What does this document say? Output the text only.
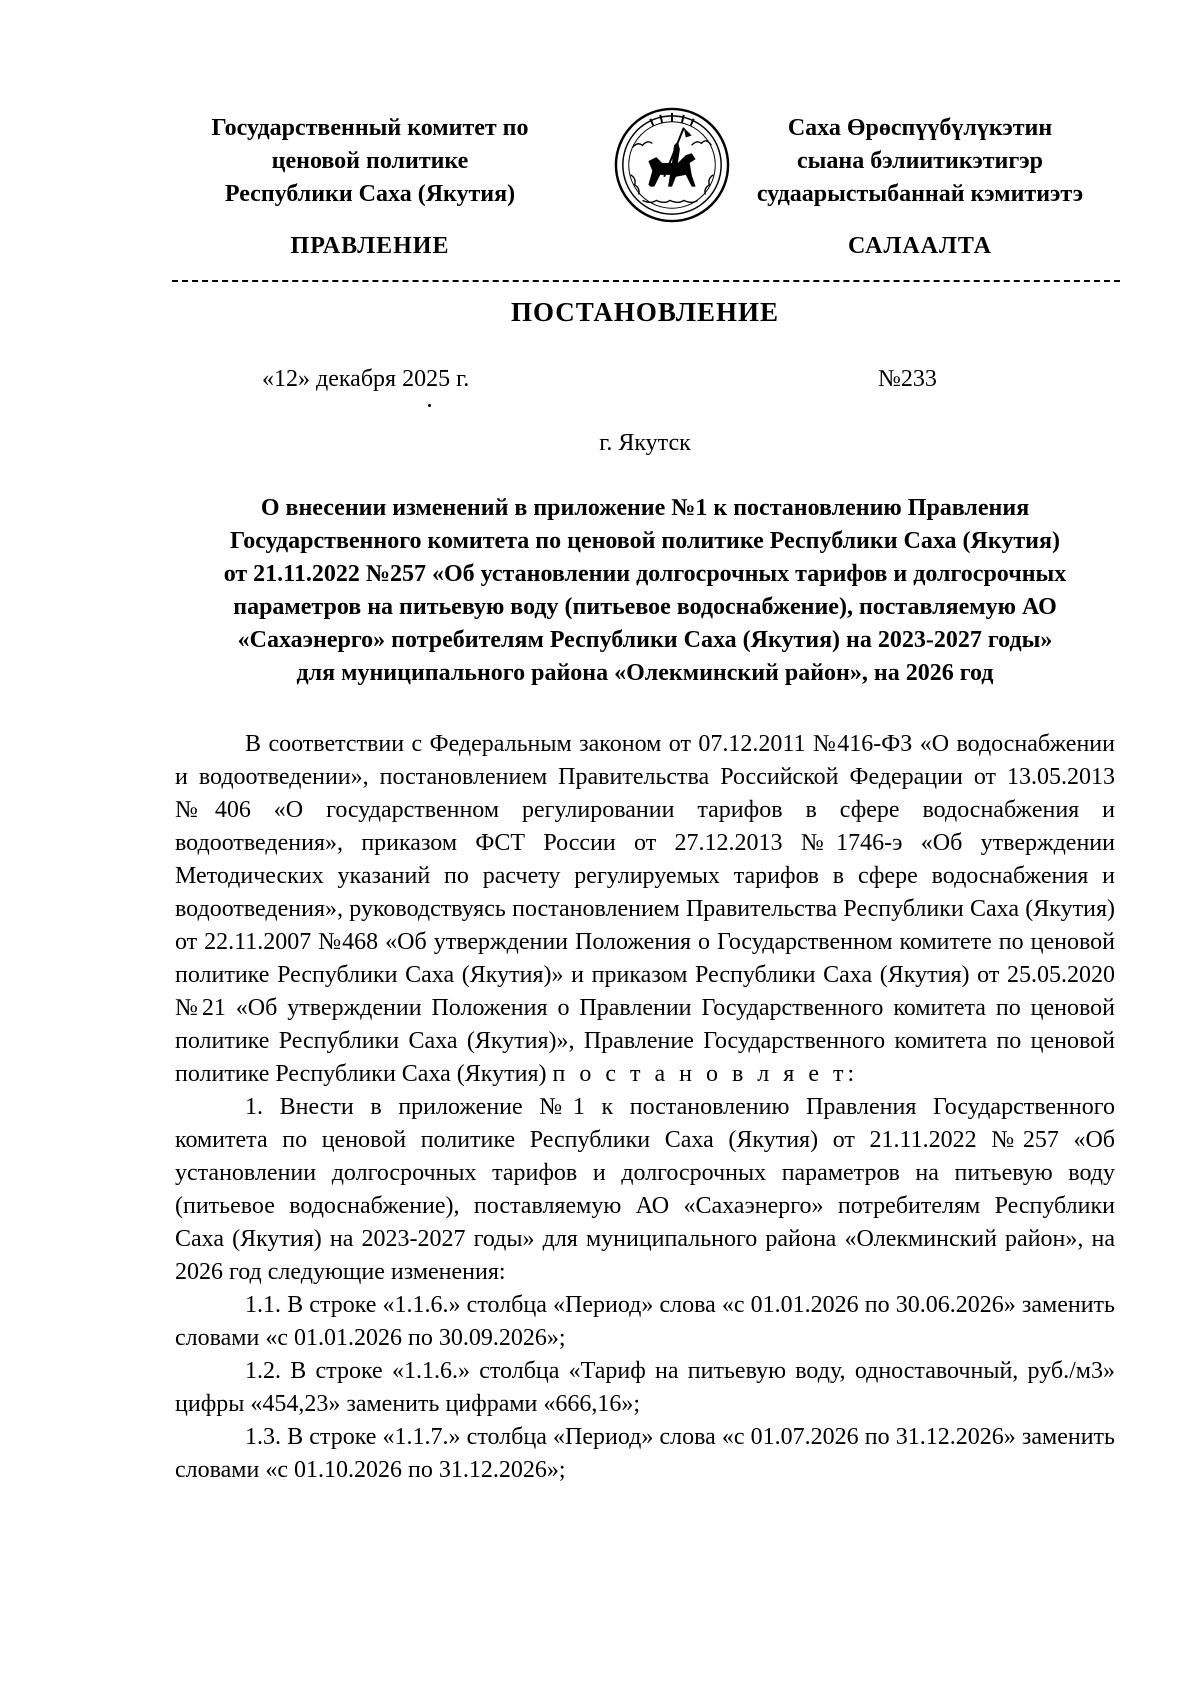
Государственный комитет по
ценовой политике
Республики Саха (Якутия)
Саха Өрөспүүбүлүкэтин
сыана бэлиитикэтигэр
судаарыстыбаннай кэмитиэтэ
ПРАВЛЕНИЕ	САЛААЛТА
ПОСТАНОВЛЕНИЕ
«12» декабря 2025 г.	№233
г. Якутск
О внесении изменений в приложение №1 к постановлению Правления
Государственного комитета по ценовой политике Республики Саха (Якутия)
от 21.11.2022 №257 «Об установлении долгосрочных тарифов и долгосрочных
параметров на питьевую воду (питьевое водоснабжение), поставляемую АО
«Сахаэнерго» потребителям Республики Саха (Якутия) на 2023-2027 годы»
для муниципального района «Олекминский район», на 2026 год

В соответствии с Федеральным законом от 07.12.2011 №416-ФЗ «О водоснабжении и водоотведении», постановлением Правительства Российской Федерации от 13.05.2013 №406 «О государственном регулировании тарифов в сфере водоснабжения и водоотведения», приказом ФСТ России от 27.12.2013 №1746-э «Об утверждении Методических указаний по расчету регулируемых тарифов в сфере водоснабжения и водоотведения», руководствуясь постановлением Правительства Республики Саха (Якутия) от 22.11.2007 №468 «Об утверждении Положения о Государственном комитете по ценовой политике Республики Саха (Якутия)» и приказом Республики Саха (Якутия) от 25.05.2020 №21 «Об утверждении Положения о Правлении Государственного комитета по ценовой политике Республики Саха (Якутия)», Правление Государственного комитета по ценовой политике Республики Саха (Якутия) п о с т а н о в л я е т:

1. Внести в приложение №1 к постановлению Правления Государственного комитета по ценовой политике Республики Саха (Якутия) от 21.11.2022 №257 «Об установлении долгосрочных тарифов и долгосрочных параметров на питьевую воду (питьевое водоснабжение), поставляемую АО «Сахаэнерго» потребителям Республики Саха (Якутия) на 2023-2027 годы» для муниципального района «Олекминский район», на 2026 год следующие изменения:

1.1. В строке «1.1.6.» столбца «Период» слова «с 01.01.2026 по 30.06.2026» заменить словами «с 01.01.2026 по 30.09.2026»;

1.2. В строке «1.1.6.» столбца «Тариф на питьевую воду, одноставочный, руб./м3» цифры «454,23» заменить цифрами «666,16»;

1.3. В строке «1.1.7.» столбца «Период» слова «с 01.07.2026 по 31.12.2026» заменить словами «с 01.10.2026 по 31.12.2026»;
